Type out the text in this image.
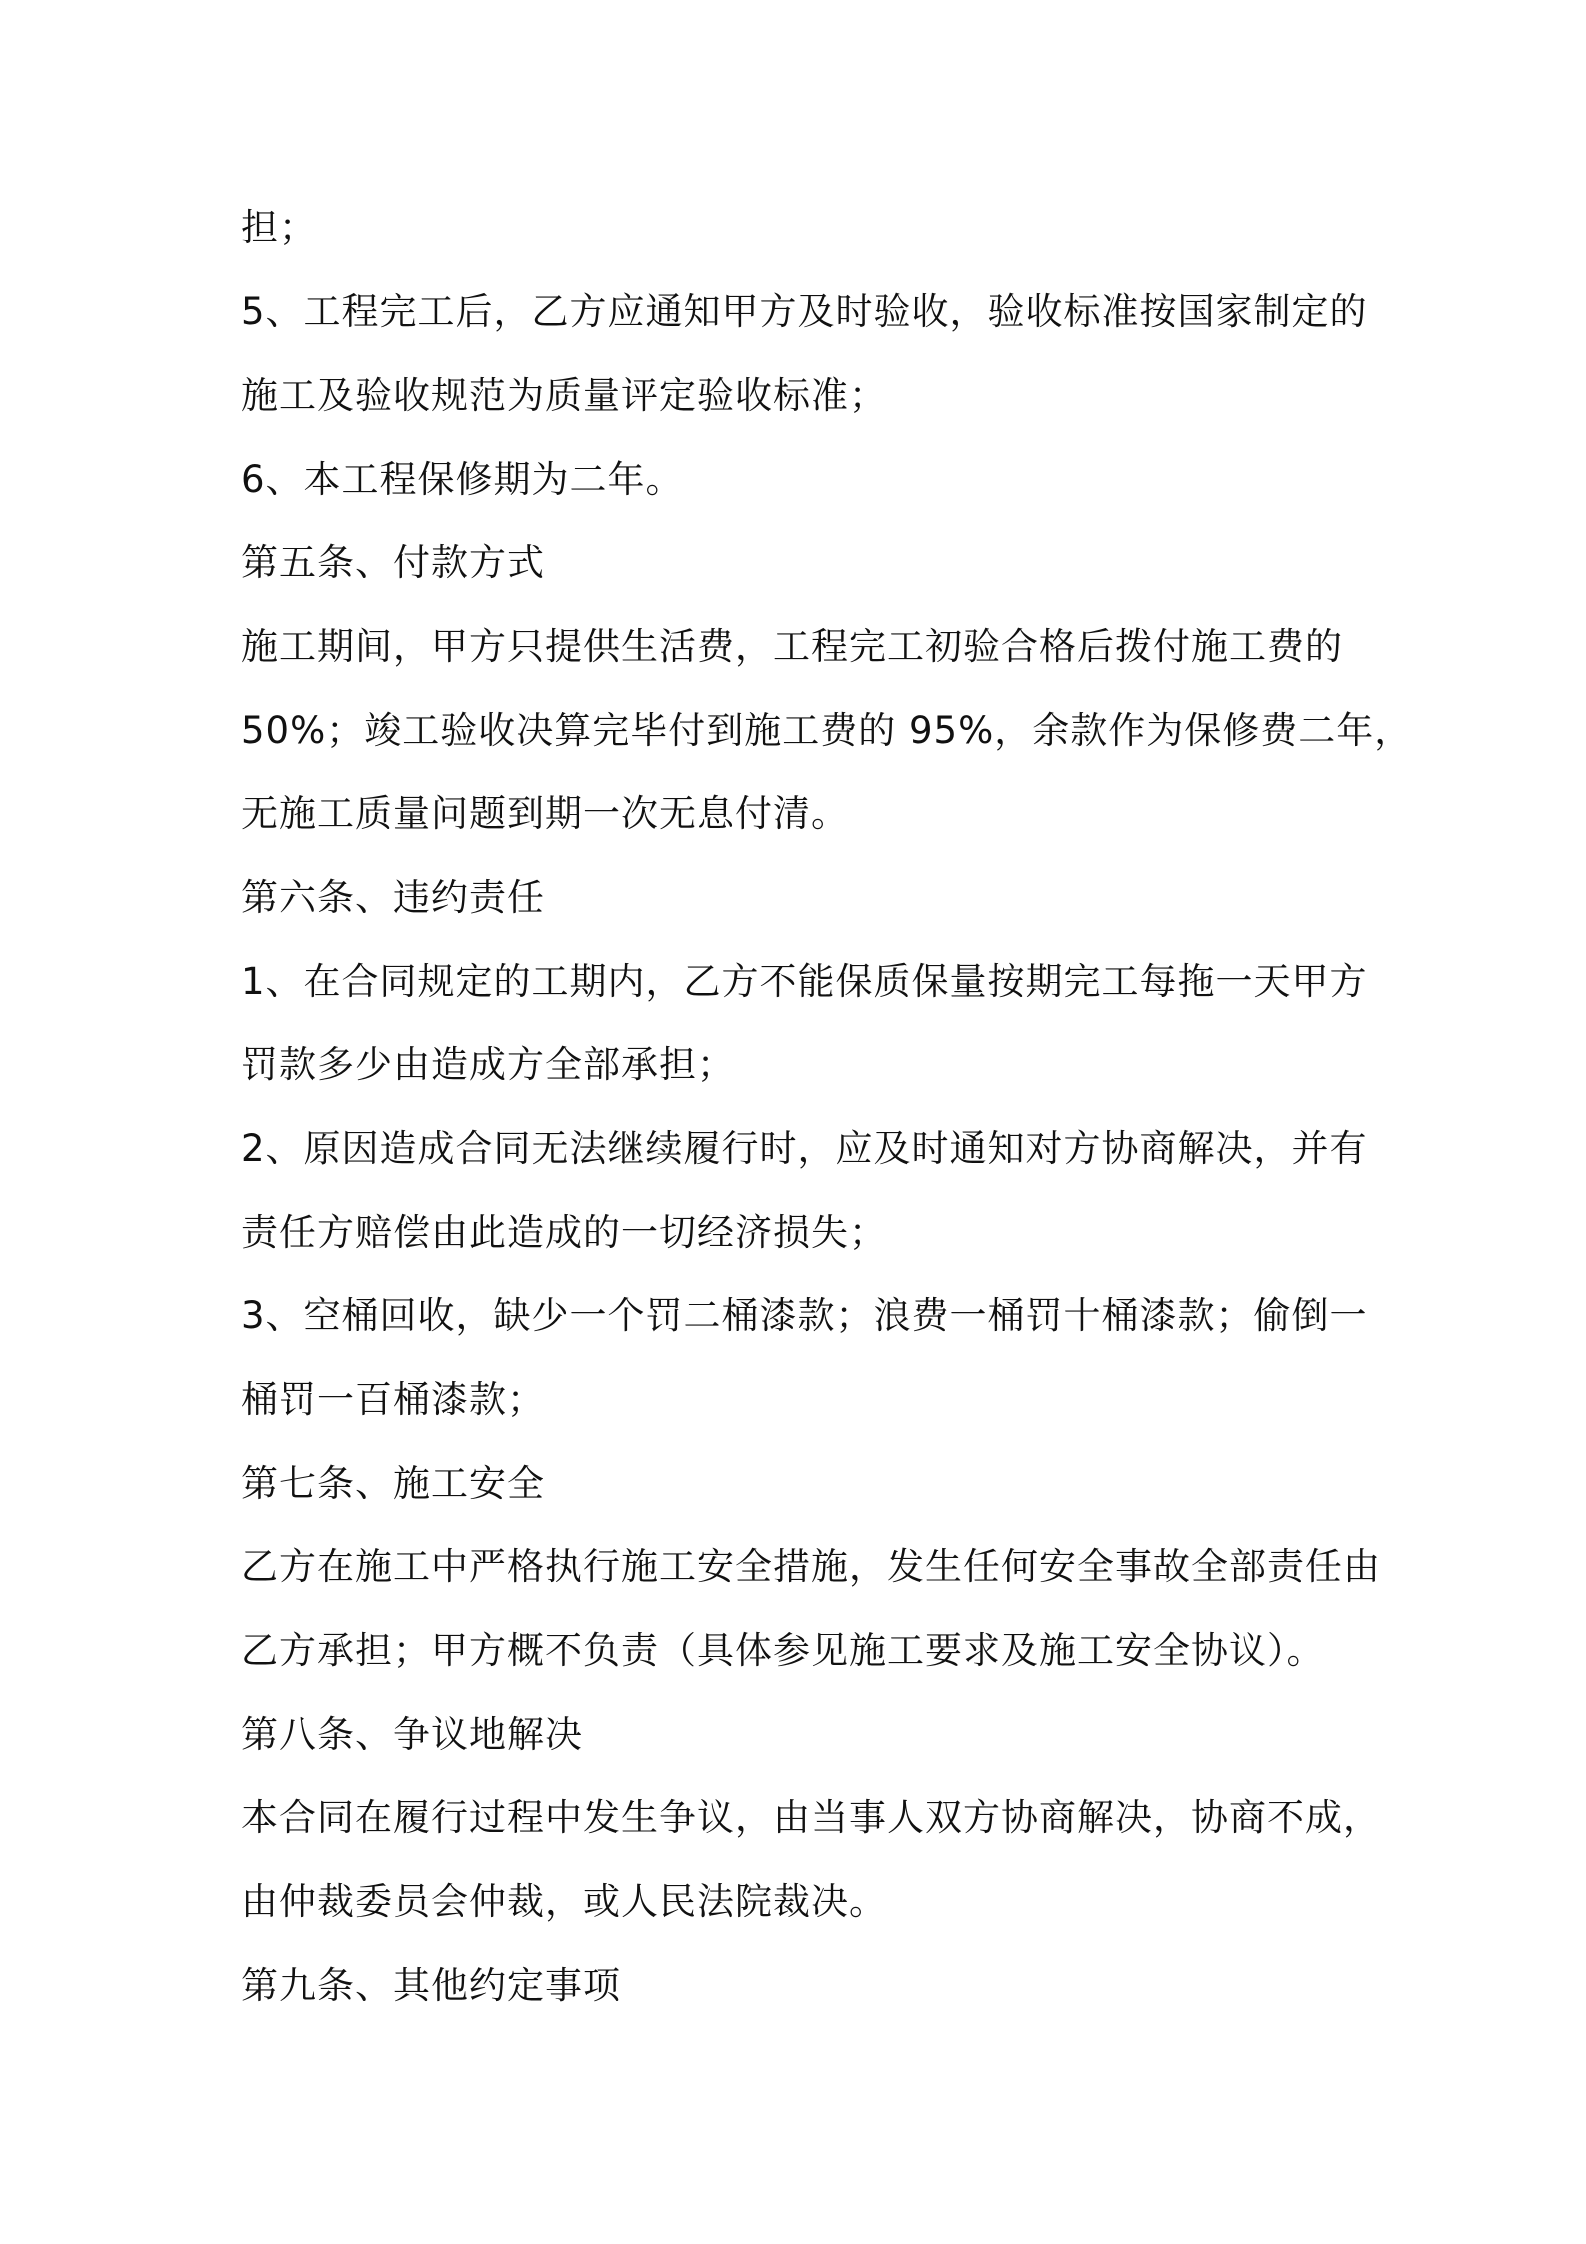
担；
5、工程完工后，乙方应通知甲方及时验收，验收标准按国家制定的
施工及验收规范为质量评定验收标准；
6、本工程保修期为二年。
第五条、付款方式
施工期间，甲方只提供生活费，工程完工初验合格后拨付施工费的
50%；竣工验收决算完毕付到施工费的 95%，余款作为保修费二年，
无施工质量问题到期一次无息付清。
第六条、违约责任
1、在合同规定的工期内，乙方不能保质保量按期完工每拖一天甲方
罚款多少由造成方全部承担；
2、原因造成合同无法继续履行时，应及时通知对方协商解决，并有
责任方赔偿由此造成的一切经济损失；
3、空桶回收，缺少一个罚二桶漆款；浪费一桶罚十桶漆款；偷倒一
桶罚一百桶漆款；
第七条、施工安全
乙方在施工中严格执行施工安全措施，发生任何安全事故全部责任由
乙方承担；甲方概不负责（具体参见施工要求及施工安全协议）。
第八条、争议地解决
本合同在履行过程中发生争议，由当事人双方协商解决，协商不成，
由仲裁委员会仲裁，或人民法院裁决。
第九条、其他约定事项
